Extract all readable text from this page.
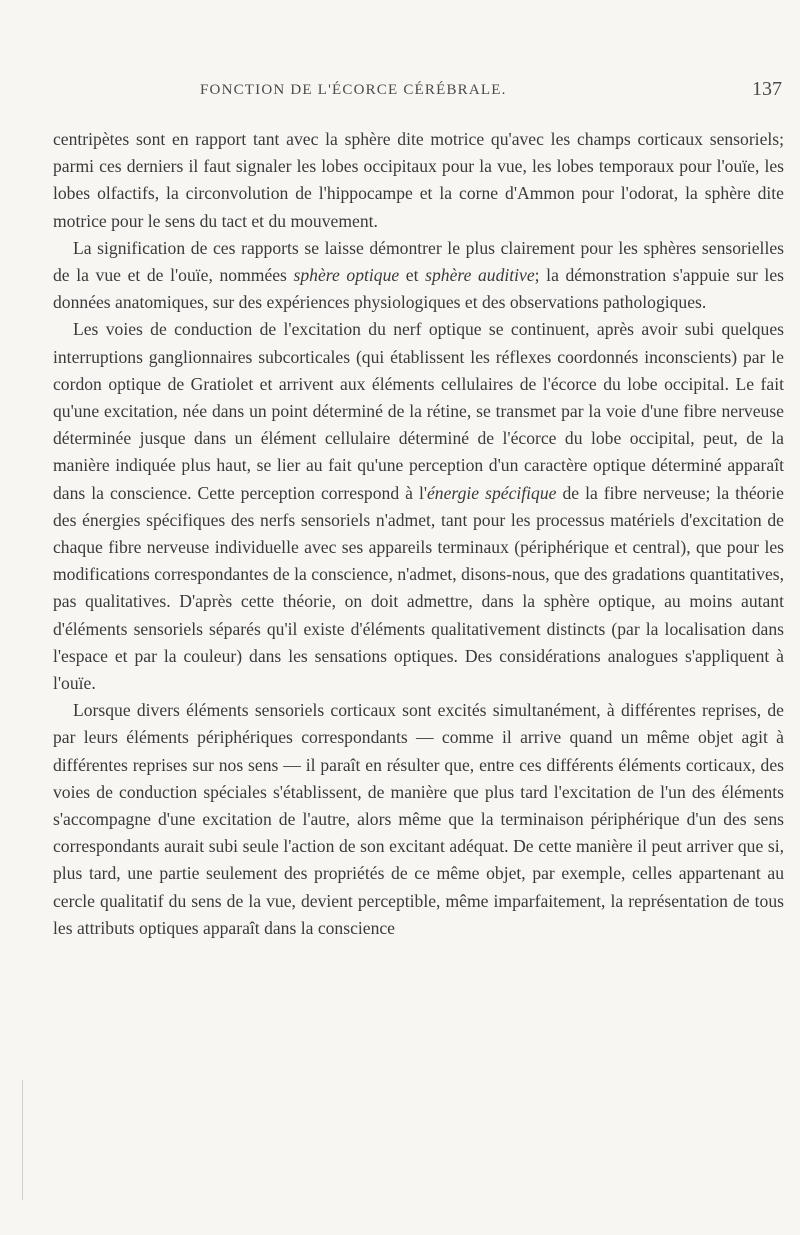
FONCTION DE L'ÉCORCE CÉRÉBRALE.	137

centripètes sont en rapport tant avec la sphère dite motrice qu'avec les champs corticaux sensoriels; parmi ces derniers il faut signaler les lobes occipitaux pour la vue, les lobes temporaux pour l'ouïe, les lobes olfactifs, la circonvolution de l'hippocampe et la corne d'Ammon pour l'odorat, la sphère dite motrice pour le sens du tact et du mouvement.

La signification de ces rapports se laisse démontrer le plus clairement pour les sphères sensorielles de la vue et de l'ouïe, nommées sphère optique et sphère auditive; la démonstration s'appuie sur les données anatomiques, sur des expériences physiologiques et des observations pathologiques.

Les voies de conduction de l'excitation du nerf optique se continuent, après avoir subi quelques interruptions ganglionnaires subcorticales (qui établissent les réflexes coordonnés inconscients) par le cordon optique de Gratiolet et arrivent aux éléments cellulaires de l'écorce du lobe occipital. Le fait qu'une excitation, née dans un point déterminé de la rétine, se transmet par la voie d'une fibre nerveuse déterminée jusque dans un élément cellulaire déterminé de l'écorce du lobe occipital, peut, de la manière indiquée plus haut, se lier au fait qu'une perception d'un caractère optique déterminé apparaît dans la conscience. Cette perception correspond à l'énergie spécifique de la fibre nerveuse; la théorie des énergies spécifiques des nerfs sensoriels n'admet, tant pour les processus matériels d'excitation de chaque fibre nerveuse individuelle avec ses appareils terminaux (périphérique et central), que pour les modifications correspondantes de la conscience, n'admet, disons-nous, que des gradations quantitatives, pas qualitatives. D'après cette théorie, on doit admettre, dans la sphère optique, au moins autant d'éléments sensoriels séparés qu'il existe d'éléments qualitativement distincts (par la localisation dans l'espace et par la couleur) dans les sensations optiques. Des considérations analogues s'appliquent à l'ouïe.

Lorsque divers éléments sensoriels corticaux sont excités simultanément, à différentes reprises, de par leurs éléments périphériques correspondants — comme il arrive quand un même objet agit à différentes reprises sur nos sens — il paraît en résulter que, entre ces différents éléments corticaux, des voies de conduction spéciales s'établissent, de manière que plus tard l'excitation de l'un des éléments s'accompagne d'une excitation de l'autre, alors même que la terminaison périphérique d'un des sens correspondants aurait subi seule l'action de son excitant adéquat. De cette manière il peut arriver que si, plus tard, une partie seulement des propriétés de ce même objet, par exemple, celles appartenant au cercle qualitatif du sens de la vue, devient perceptible, même imparfaitement, la représentation de tous les attributs optiques apparaît dans la conscience
